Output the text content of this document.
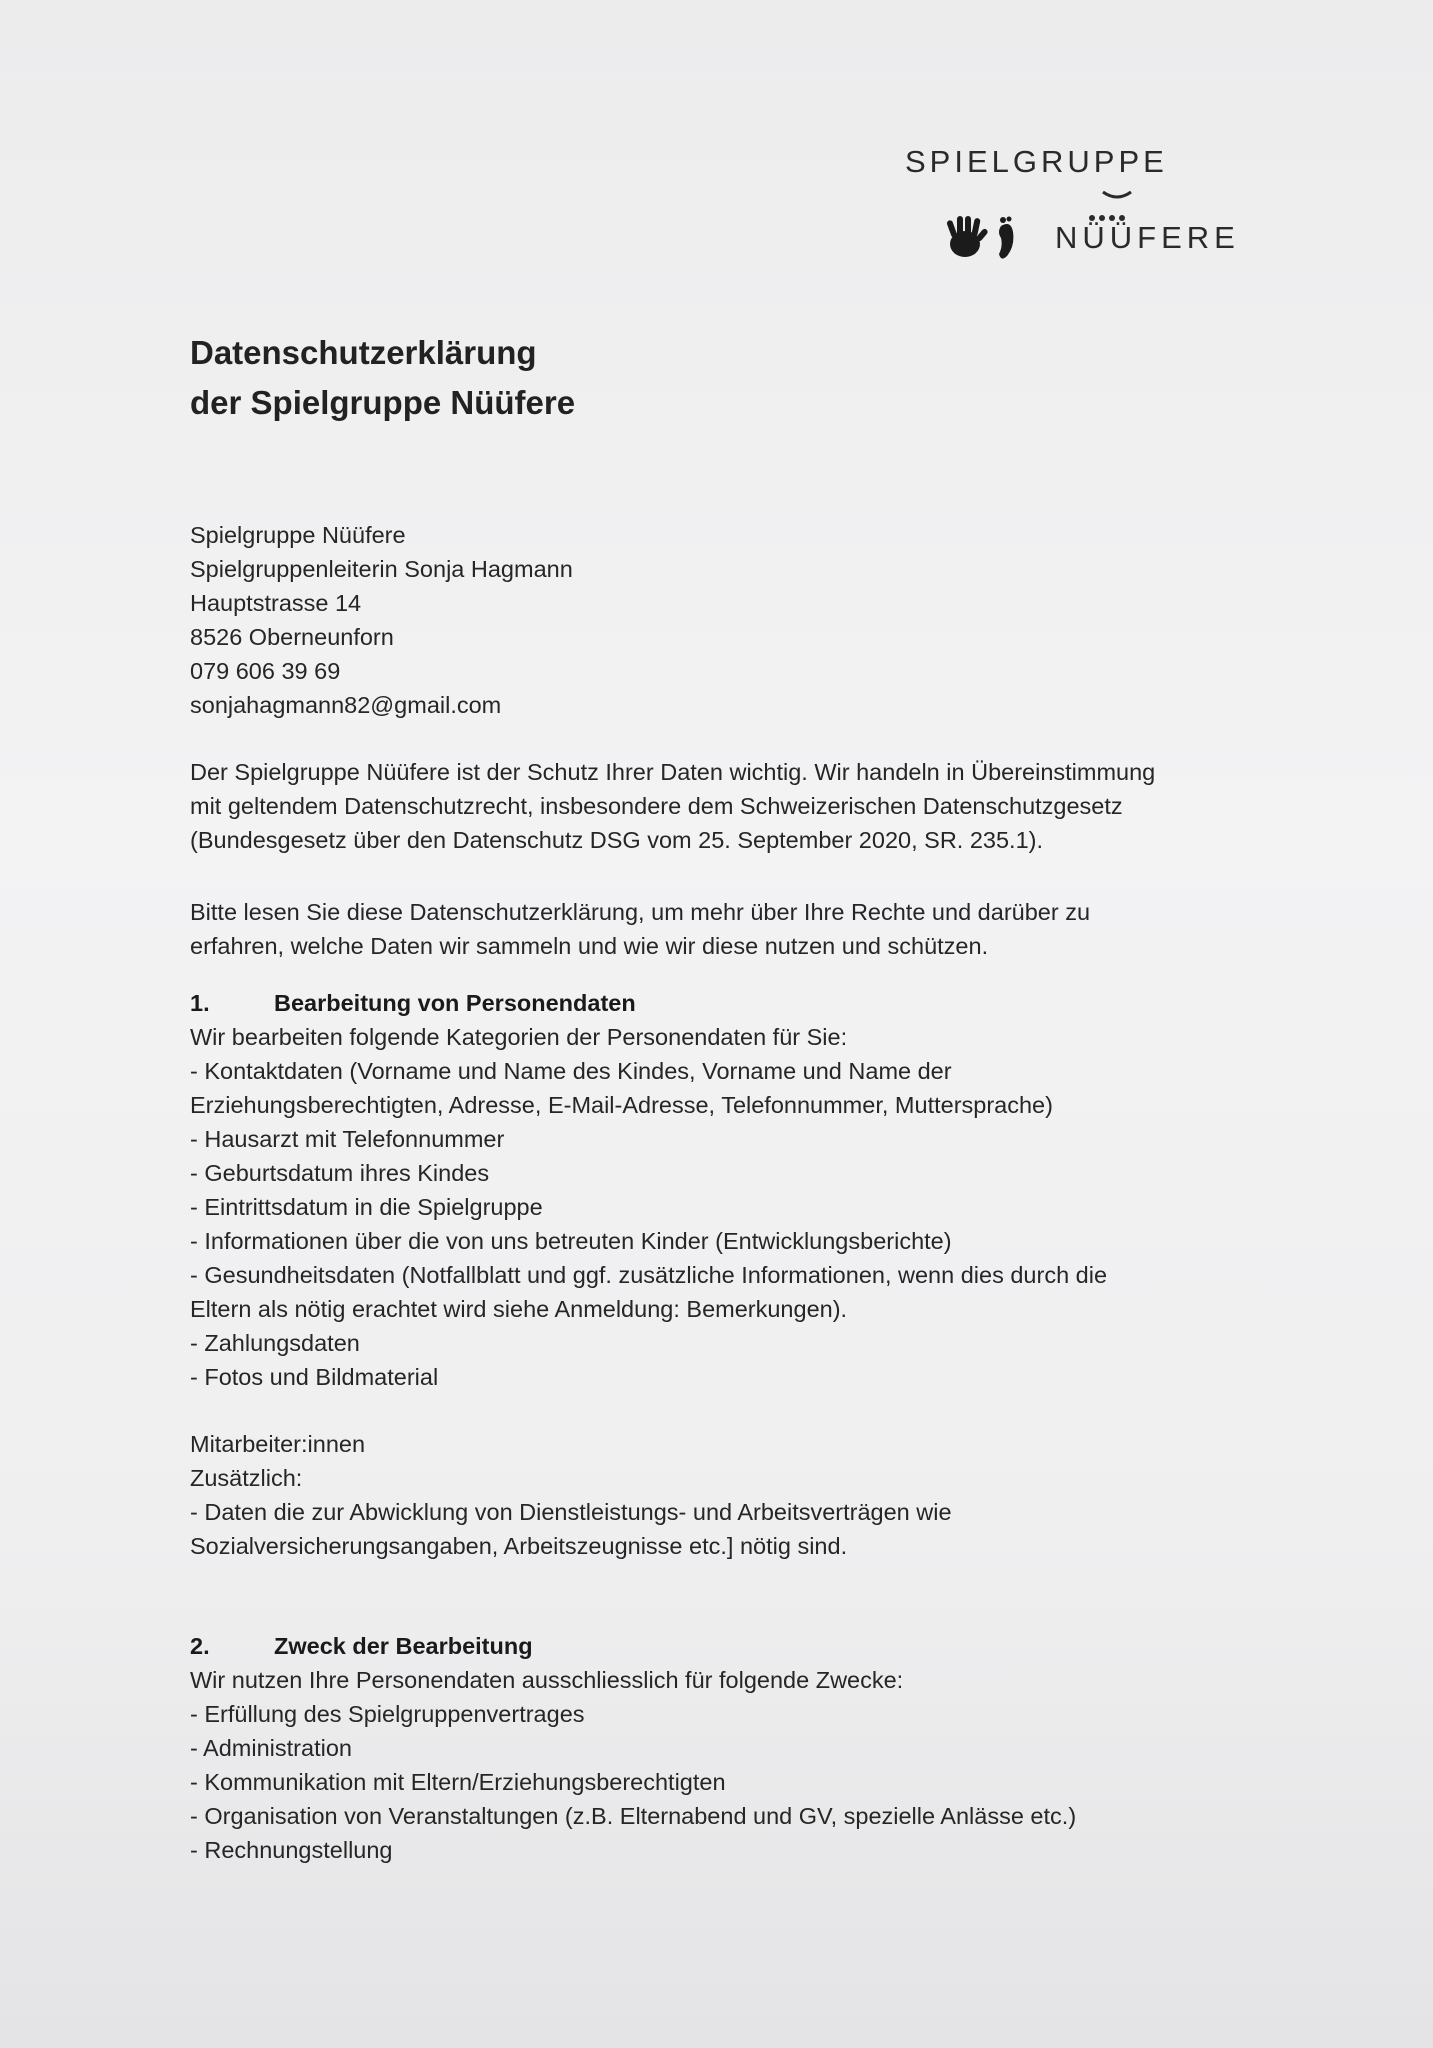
SPIELGRUPPE
NÜÜFERE
Datenschutzerklärung
der Spielgruppe Nüüfere
Spielgruppe Nüüfere
Spielgruppenleiterin Sonja Hagmann
Hauptstrasse 14
8526 Oberneunforn
079 606 39 69
sonjahagmann82@gmail.com
Der Spielgruppe Nüüfere ist der Schutz Ihrer Daten wichtig. Wir handeln in Übereinstimmung
mit geltendem Datenschutzrecht, insbesondere dem Schweizerischen Datenschutzgesetz
(Bundesgesetz über den Datenschutz DSG vom 25. September 2020, SR. 235.1).
Bitte lesen Sie diese Datenschutzerklärung, um mehr über Ihre Rechte und darüber zu
erfahren, welche Daten wir sammeln und wie wir diese nutzen und schützen.
1.	Bearbeitung von Personendaten
Wir bearbeiten folgende Kategorien der Personendaten für Sie:
- Kontaktdaten (Vorname und Name des Kindes, Vorname und Name der
Erziehungsberechtigten, Adresse, E-Mail-Adresse, Telefonnummer, Muttersprache)
- Hausarzt mit Telefonnummer
- Geburtsdatum ihres Kindes
- Eintrittsdatum in die Spielgruppe
- Informationen über die von uns betreuten Kinder (Entwicklungsberichte)
- Gesundheitsdaten (Notfallblatt und ggf. zusätzliche Informationen, wenn dies durch die
Eltern als nötig erachtet wird siehe Anmeldung: Bemerkungen).
- Zahlungsdaten
- Fotos und Bildmaterial
Mitarbeiter:innen
Zusätzlich:
- Daten die zur Abwicklung von Dienstleistungs- und Arbeitsverträgen wie
Sozialversicherungsangaben, Arbeitszeugnisse etc.] nötig sind.
2.	Zweck der Bearbeitung
Wir nutzen Ihre Personendaten ausschliesslich für folgende Zwecke:
- Erfüllung des Spielgruppenvertrages
- Administration
- Kommunikation mit Eltern/Erziehungsberechtigten
- Organisation von Veranstaltungen (z.B. Elternabend und GV, spezielle Anlässe etc.)
- Rechnungstellung
